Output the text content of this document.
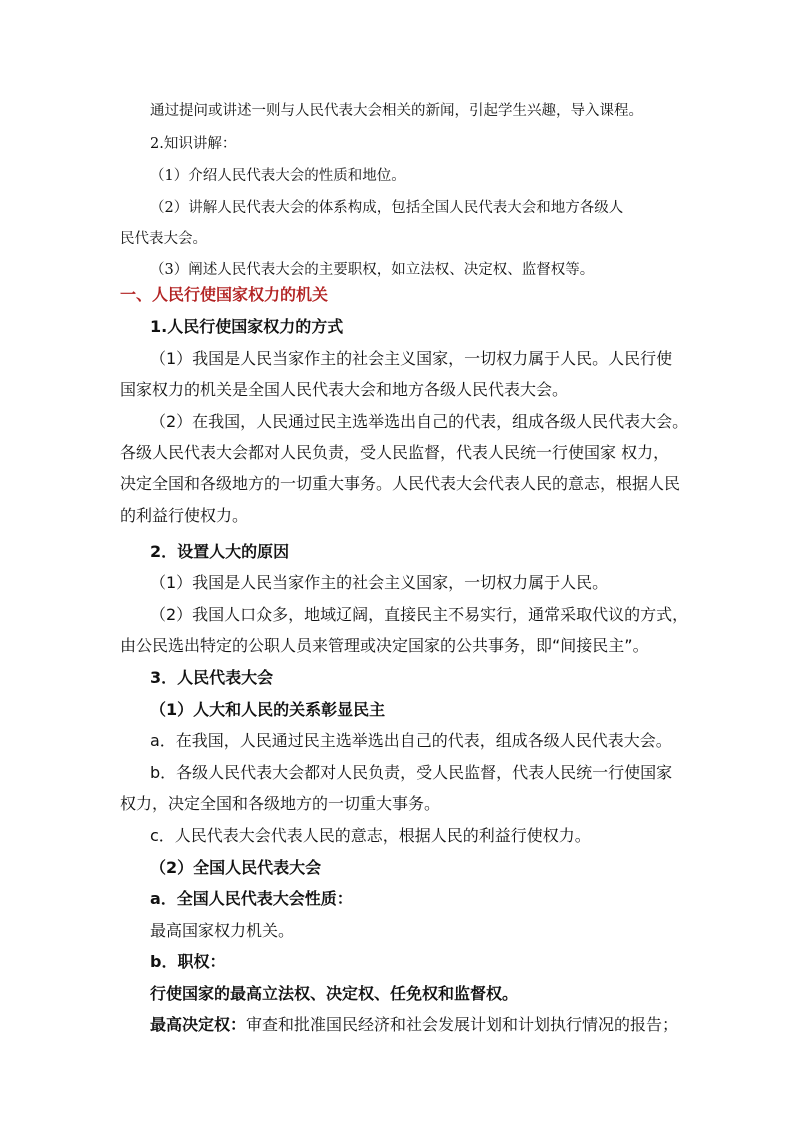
通过提问或讲述一则与人民代表大会相关的新闻，引起学生兴趣，导入课程。

2.知识讲解：

（1）介绍人民代表大会的性质和地位。

（2）讲解人民代表大会的体系构成，包括全国人民代表大会和地方各级人

民代表大会。

（3）阐述人民代表大会的主要职权，如立法权、决定权、监督权等。

一、人民行使国家权力的机关

1.人民行使国家权力的方式

（1）我国是人民当家作主的社会主义国家，一切权力属于人民。人民行使

国家权力的机关是全国人民代表大会和地方各级人民代表大会。

（2）在我国，人民通过民主选举选出自己的代表，组成各级人民代表大会。

各级人民代表大会都对人民负责，受人民监督，代表人民统一行使国家 权力，

决定全国和各级地方的一切重大事务。人民代表大会代表人民的意志，根据人民

的利益行使权力。

2．设置人大的原因

（1）我国是人民当家作主的社会主义国家，一切权力属于人民。

（2）我国人口众多，地域辽阔，直接民主不易实行，通常采取代议的方式，

由公民选出特定的公职人员来管理或决定国家的公共事务，即“间接民主”。

3．人民代表大会

（1）人大和人民的关系彰显民主

a．在我国，人民通过民主选举选出自己的代表，组成各级人民代表大会。

b．各级人民代表大会都对人民负责，受人民监督，代表人民统一行使国家

权力，决定全国和各级地方的一切重大事务。

c．人民代表大会代表人民的意志，根据人民的利益行使权力。

（2）全国人民代表大会

a．全国人民代表大会性质：

最高国家权力机关。

b．职权：

行使国家的最高立法权、决定权、任免权和监督权。

最高决定权：审查和批准国民经济和社会发展计划和计划执行情况的报告；
